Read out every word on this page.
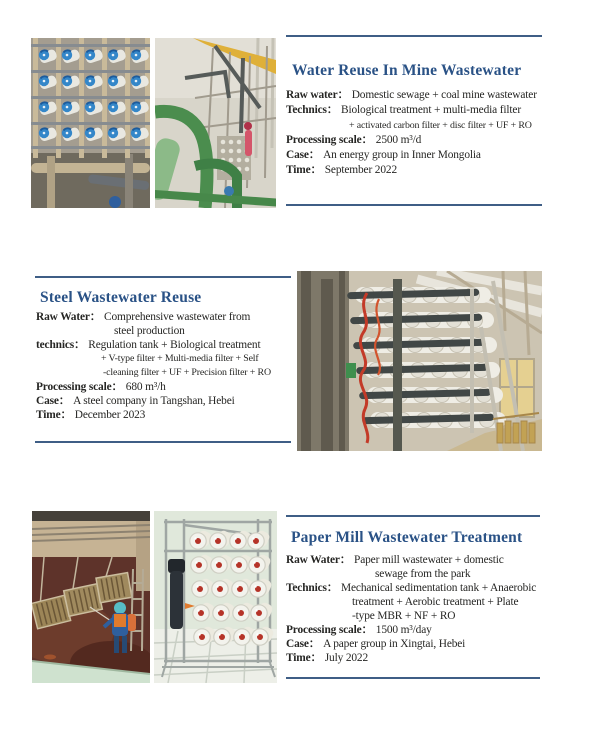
Water Reuse In Mine Wastewater
Raw water： Domestic sewage + coal mine wastewater
Technics： Biological treatment + multi-media filter
+ activated carbon filter + disc filter + UF + RO
Processing scale： 2500 m³/d
Case： An energy group in Inner Mongolia
Time： September 2022
Steel Wastewater Reuse
Raw Water： Comprehensive wastewater from
steel production
technics： Regulation tank + Biological treatment
+ V-type filter + Multi-media filter + Self
-cleaning filter + UF + Precision filter + RO
Processing scale： 680 m³/h
Case： A steel company in Tangshan, Hebei
Time： December 2023
Paper Mill Wastewater Treatment
Raw Water： Paper mill wastewater + domestic
sewage from the park
Technics： Mechanical sedimentation tank + Anaerobic
treatment + Aerobic treatment + Plate
-type MBR + NF + RO
Processing scale： 1500 m³/day
Case： A paper group in Xingtai, Hebei
Time： July 2022
